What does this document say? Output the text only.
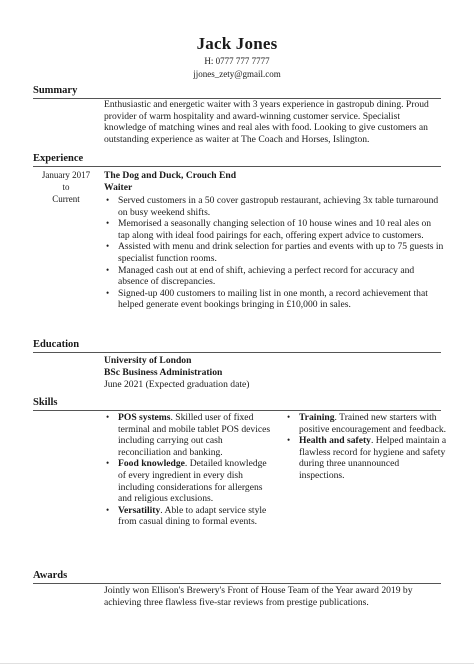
Jack Jones
H: 0777 777 7777
jjones_zety@gmail.com
Summary

Enthusiastic and energetic waiter with 3 years experience in gastropub dining. Proud provider of warm hospitality and award-winning customer service. Specialist knowledge of matching wines and real ales with food. Looking to give customers an outstanding experience as waiter at The Coach and Horses, Islington.

Experience
January 2017
to
Current
The Dog and Duck, Crouch End
Waiter
• Served customers in a 50 cover gastropub restaurant, achieving 3x table turnaround on busy weekend shifts.
• Memorised a seasonally changing selection of 10 house wines and 10 real ales on tap along with ideal food pairings for each, offering expert advice to customers.
• Assisted with menu and drink selection for parties and events with up to 75 guests in specialist function rooms.
• Managed cash out at end of shift, achieving a perfect record for accuracy and absence of discrepancies.
• Signed-up 400 customers to mailing list in one month, a record achievement that helped generate event bookings bringing in £10,000 in sales.
Education
University of London
BSc Business Administration
June 2021 (Expected graduation date)
Skills
• POS systems. Skilled user of fixed terminal and mobile tablet POS devices including carrying out cash reconciliation and banking.
• Food knowledge. Detailed knowledge of every ingredient in every dish including considerations for allergens and religious exclusions.
• Versatility. Able to adapt service style from casual dining to formal events.
• Training. Trained new starters with positive encouragement and feedback.
• Health and safety. Helped maintain a flawless record for hygiene and safety during three unannounced inspections.
Awards

Jointly won Ellison's Brewery's Front of House Team of the Year award 2019 by achieving three flawless five-star reviews from prestige publications.
